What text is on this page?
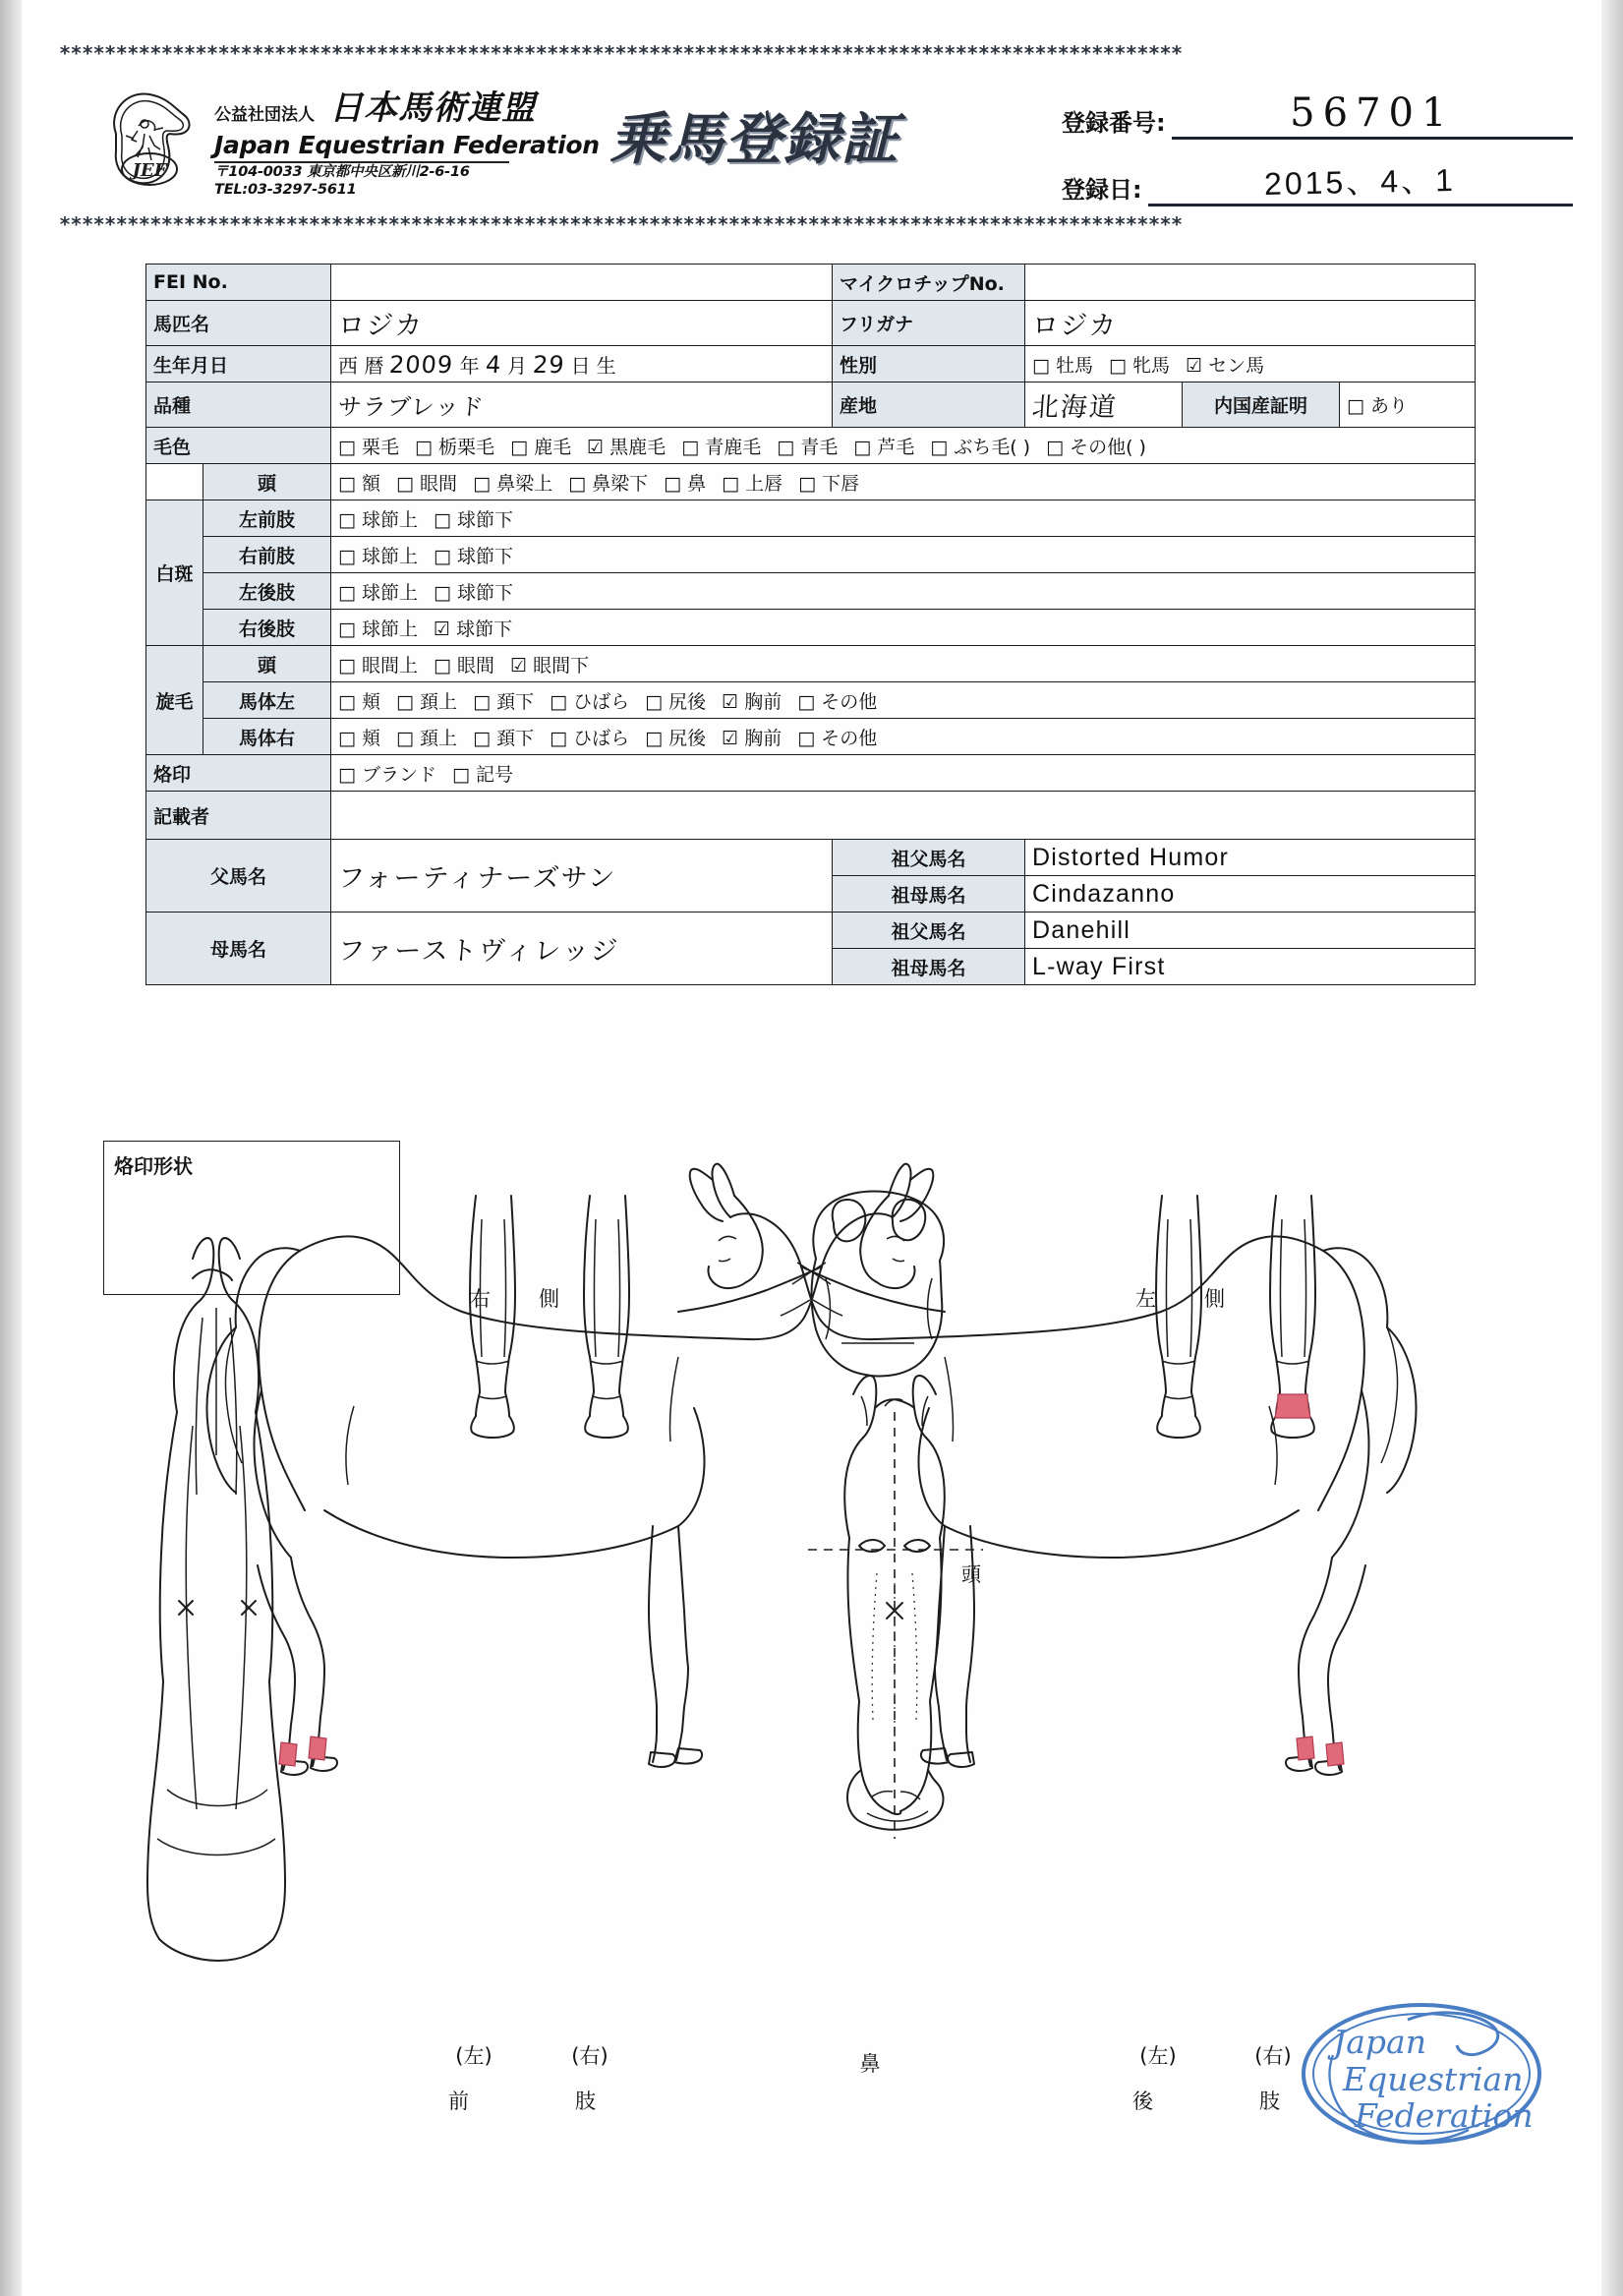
***************************************************************************************************
***************************************************************************************************
JEF
公益社団法人 日本馬術連盟
Japan Equestrian Federation
〒104-0033 東京都中央区新川2-6-16
TEL:03-3297-5611
乗馬登録証	登録番号:	56701
登録日:	2015、4、1
FEI No.			マイクロチップNo.			
馬匹名		ロジカ	フリガナ	ロジカ		
生年月日		西 暦 2009 年 4 月 29 日 生	性別	□ 牡馬 □ 牝馬 ☑ セン馬		
品種		サラブレッド	産地	北海道	内国産証明	□ あり
毛色		□ 栗毛 □ 栃栗毛 □ 鹿毛 ☑ 黒鹿毛 □ 青鹿毛 □ 青毛 □ 芦毛 □ ぶち毛( ) □ その他( )				
	頭	□ 額 □ 眼間 □ 鼻梁上 □ 鼻梁下 □ 鼻 □ 上唇 □ 下唇				
白斑	左前肢	□ 球節上 □ 球節下				
	右前肢	□ 球節上 □ 球節下				
	左後肢	□ 球節上 □ 球節下				
	右後肢	□ 球節上 ☑ 球節下				
旋毛	頭	□ 眼間上 □ 眼間 ☑ 眼間下				
	馬体左	□ 頬 □ 頚上 □ 頚下 □ ひばら □ 尻後 ☑ 胸前 □ その他				
	馬体右	□ 頬 □ 頚上 □ 頚下 □ ひばら □ 尻後 ☑ 胸前 □ その他				
烙印		□ ブランド □ 記号				
記載者						
父馬名		フォーティナーズサン	祖父馬名	Distorted Humor		
			祖母馬名	Cindazanno		
母馬名		ファーストヴィレッジ	祖父馬名	Danehill		
			祖母馬名	L-way First		
烙印形状
右　側	左　側
頭
(左)	(右)
前　　肢
鼻	(左)	(右)
後　　肢
Japan
Equestrian
Federation
